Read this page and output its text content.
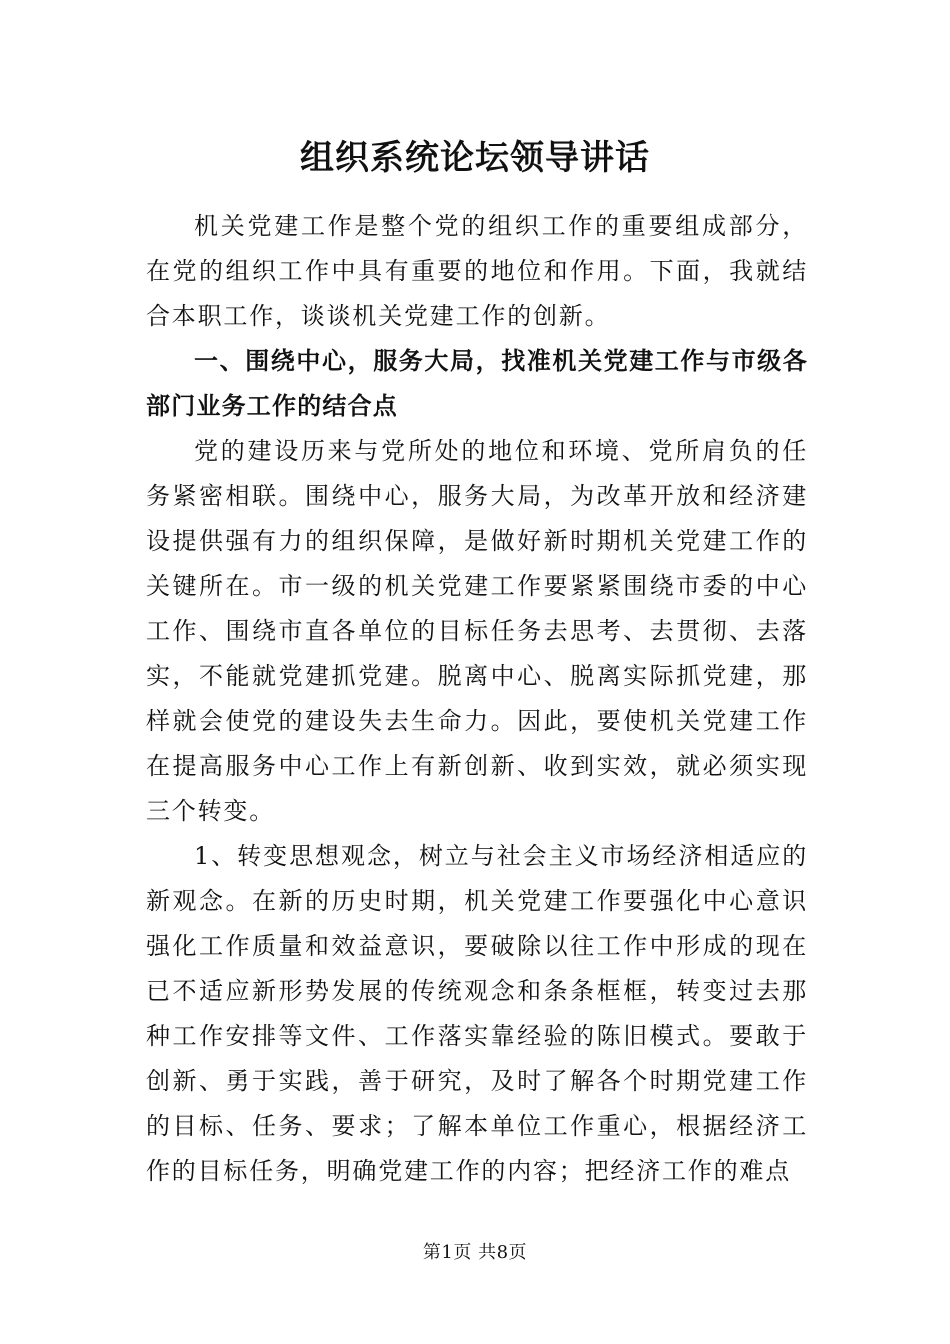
组织系统论坛领导讲话

机关党建工作是整个党的组织工作的重要组成部分，在党的组织工作中具有重要的地位和作用。下面，我就结合本职工作，谈谈机关党建工作的创新。

一、围绕中心，服务大局，找准机关党建工作与市级各部门业务工作的结合点

党的建设历来与党所处的地位和环境、党所肩负的任务紧密相联。围绕中心，服务大局，为改革开放和经济建设提供强有力的组织保障，是做好新时期机关党建工作的关键所在。市一级的机关党建工作要紧紧围绕市委的中心工作、围绕市直各单位的目标任务去思考、去贯彻、去落实，不能就党建抓党建。脱离中心、脱离实际抓党建，那样就会使党的建设失去生命力。因此，要使机关党建工作在提高服务中心工作上有新创新、收到实效，就必须实现三个转变。

1、转变思想观念，树立与社会主义市场经济相适应的新观念。在新的历史时期，机关党建工作要强化中心意识强化工作质量和效益意识，要破除以往工作中形成的现在已不适应新形势发展的传统观念和条条框框，转变过去那种工作安排等文件、工作落实靠经验的陈旧模式。要敢于创新、勇于实践，善于研究，及时了解各个时期党建工作的目标、任务、要求；了解本单位工作重心，根据经济工作的目标任务，明确党建工作的内容；把经济工作的难点

第1页 共8页
